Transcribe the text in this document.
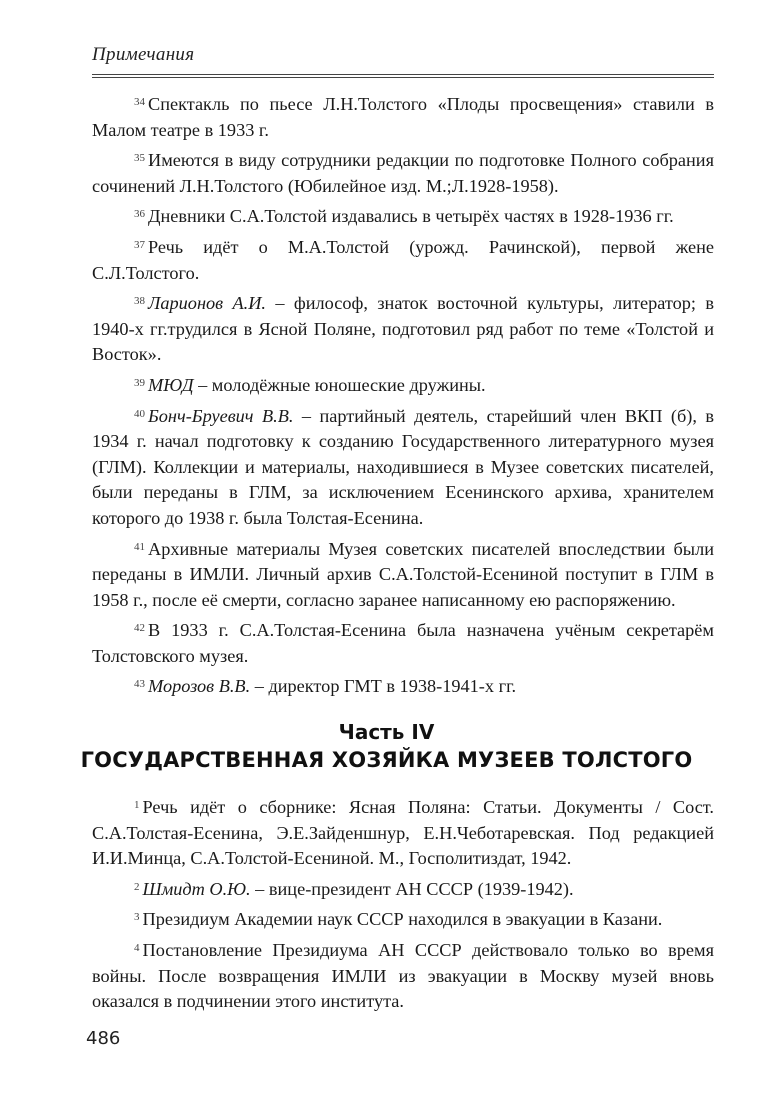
Примечания

$^{34}$ Спектакль по пьесе Л.Н.Толстого «Плоды просвещения» ставили в Малом театре в 1933 г.

$^{35}$ Имеются в виду сотрудники редакции по подготовке Полного собрания сочинений Л.Н.Толстого (Юбилейное изд. М.;Л.1928-1958).

$^{36}$ Дневники С.А.Толстой издавались в четырёх частях в 1928-1936 гг.

$^{37}$ Речь идёт о М.А.Толстой (урожд. Рачинской), первой жене С.Л.Толстого.

$^{38}$ Ларионов А.И. – философ, знаток восточной культуры, литератор; в 1940-х гг.трудился в Ясной Поляне, подготовил ряд работ по теме «Толстой и Восток».

$^{39}$ МЮД – молодёжные юношеские дружины.

$^{40}$ Бонч-Бруевич В.В. – партийный деятель, старейший член ВКП (б), в 1934 г. начал подготовку к созданию Государственного литературного музея (ГЛМ). Коллекции и материалы, находившиеся в Музее советских писателей, были переданы в ГЛМ, за исключением Есенинского архива, хранителем которого до 1938 г. была Толстая-Есенина.

$^{41}$ Архивные материалы Музея советских писателей впоследствии были переданы в ИМЛИ. Личный архив С.А.Толстой-Есениной поступит в ГЛМ в 1958 г., после её смерти, согласно заранее написанному ею распоряжению.

$^{42}$ В 1933 г. С.А.Толстая-Есенина была назначена учёным секретарём Толстовского музея.

$^{43}$ Морозов В.В. – директор ГМТ в 1938-1941-х гг.

Часть IV
ГОСУДАРСТВЕННАЯ ХОЗЯЙКА МУЗЕЕВ ТОЛСТОГО

$^1$ Речь идёт о сборнике: Ясная Поляна: Статьи. Документы / Сост. С.А.Толстая-Есенина, Э.Е.Зайденшнур, Е.Н.Чеботаревская. Под редакцией И.И.Минца, С.А.Толстой-Есениной. М., Госполитиздат, 1942.

$^2$ Шмидт О.Ю. – вице-президент АН СССР (1939-1942).

$^3$ Президиум Академии наук СССР находился в эвакуации в Казани.

$^4$ Постановление Президиума АН СССР действовало только во время войны. После возвращения ИМЛИ из эвакуации в Москву музей вновь оказался в подчинении этого института.

486
